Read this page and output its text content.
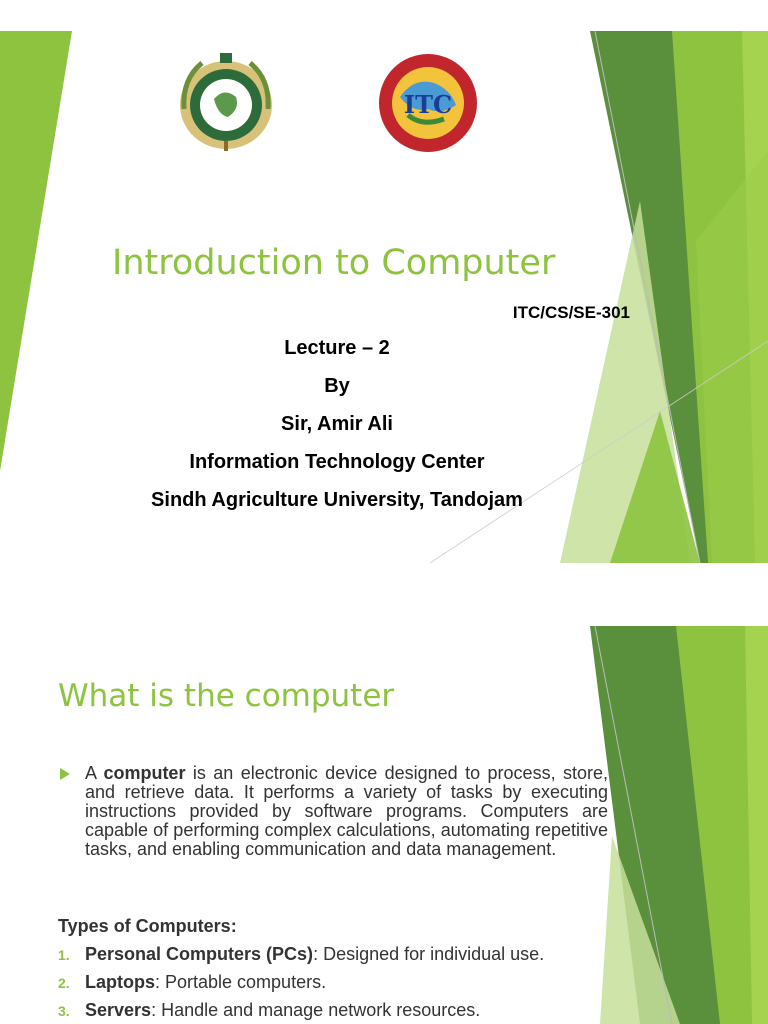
ITC
Introduction to Computer
ITC/CS/SE-301
Lecture – 2
By
Sir, Amir Ali
Information Technology Center
Sindh Agriculture University, Tandojam
What is the computer
A computer is an electronic device designed to process, store, and retrieve data. It performs a variety of tasks by executing instructions provided by software programs. Computers are capable of performing complex calculations, automating repetitive tasks, and enabling communication and data management.
Types of Computers:
1. Personal Computers (PCs): Designed for individual use.
2. Laptops: Portable computers.
3. Servers: Handle and manage network resources.
